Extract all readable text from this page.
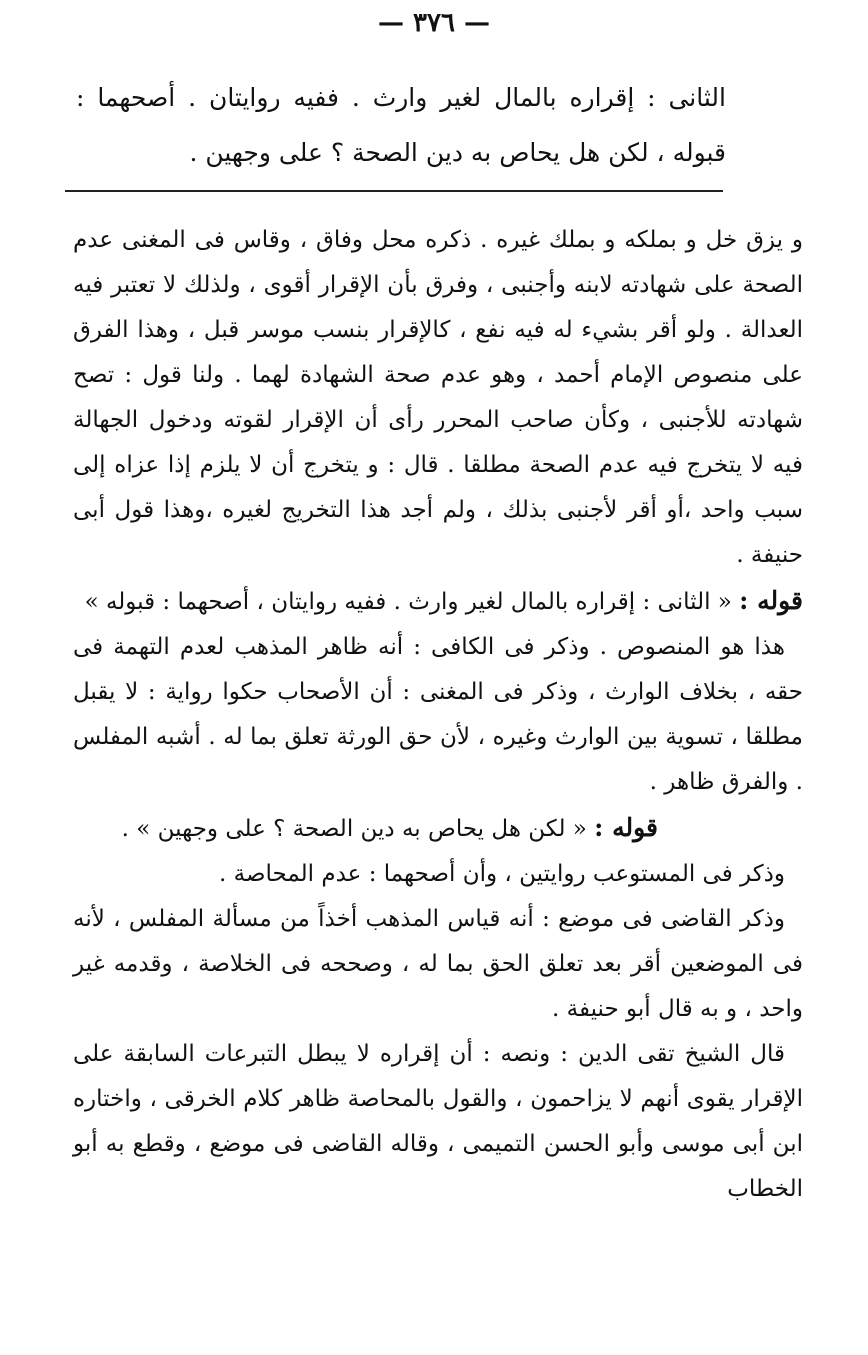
— ٣٧٦ —
الثانى : إقراره بالمال لغير وارث . ففيه روايتان . أصحهما : قبوله ، لكن هل يحاص به دين الصحة ؟ على وجهين .

و يزق خل و بملكه و بملك غيره . ذكره محل وفاق ، وقاس فى المغنى عدم الصحة على شهادته لابنه وأجنبى ، وفرق بأن الإقرار أقوى ، ولذلك لا تعتبر فيه العدالة . ولو أقر بشيء له فيه نفع ، كالإقرار بنسب موسر قبل ، وهذا الفرق على منصوص الإمام أحمد ، وهو عدم صحة الشهادة لهما . ولنا قول : تصح شهادته للأجنبى ، وكأن صاحب المحرر رأى أن الإقرار لقوته ودخول الجهالة فيه لا يتخرج فيه عدم الصحة مطلقا . قال : و يتخرج أن لا يلزم إذا عزاه إلى سبب واحد ،أو أقر لأجنبى بذلك ، ولم أجد هذا التخريج لغيره ،وهذا قول أبى حنيفة .

قوله : « الثانى : إقراره بالمال لغير وارث . ففيه روايتان ، أصحهما : قبوله »

هذا هو المنصوص . وذكر فى الكافى : أنه ظاهر المذهب لعدم التهمة فى حقه ، بخلاف الوارث ، وذكر فى المغنى : أن الأصحاب حكوا رواية : لا يقبل مطلقا ، تسوية بين الوارث وغيره ، لأن حق الورثة تعلق بما له . أشبه المفلس . والفرق ظاهر .

قوله : « لكن هل يحاص به دين الصحة ؟ على وجهين » .

وذكر فى المستوعب روايتين ، وأن أصحهما : عدم المحاصة .

وذكر القاضى فى موضع : أنه قياس المذهب أخذاً من مسألة المفلس ، لأنه فى الموضعين أقر بعد تعلق الحق بما له ، وصححه فى الخلاصة ، وقدمه غير واحد ، و به قال أبو حنيفة .

قال الشيخ تقى الدين : ونصه : أن إقراره لا يبطل التبرعات السابقة على الإقرار يقوى أنهم لا يزاحمون ، والقول بالمحاصة ظاهر كلام الخرقى ، واختاره ابن أبى موسى وأبو الحسن التميمى ، وقاله القاضى فى موضع ، وقطع به أبو الخطاب
